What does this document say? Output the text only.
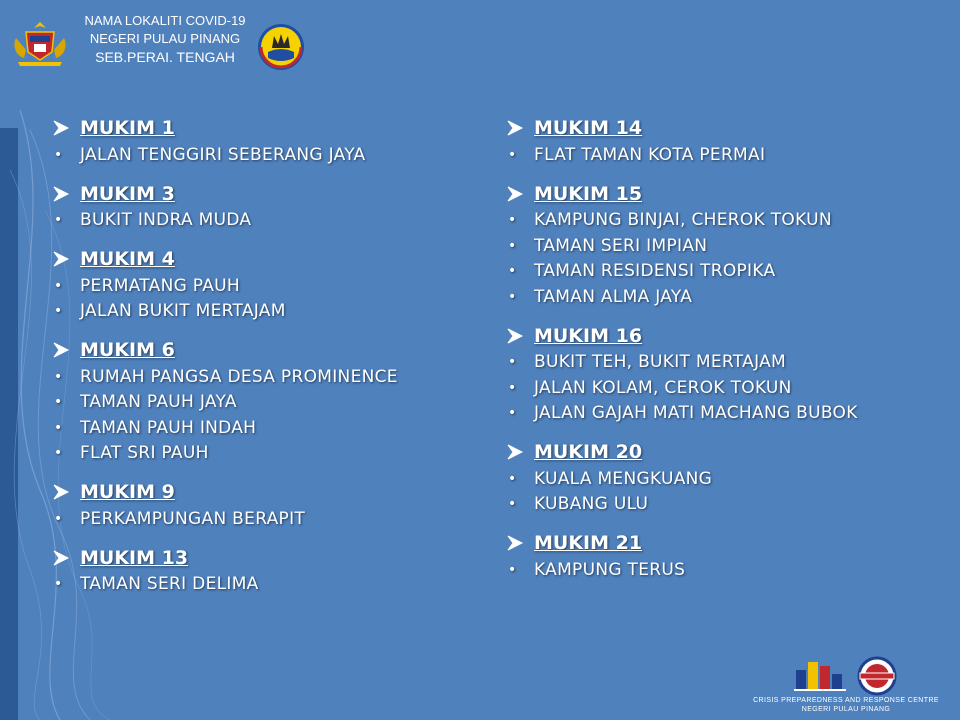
NAMA LOKALITI COVID-19
NEGERI PULAU PINANG
SEB.PERAI. TENGAH
MUKIM 1
•	JALAN TENGGIRI SEBERANG JAYA
MUKIM 3
•	BUKIT INDRA MUDA
MUKIM 4
•	PERMATANG PAUH
•	JALAN BUKIT MERTAJAM
MUKIM 6
•	RUMAH PANGSA DESA PROMINENCE
•	TAMAN PAUH JAYA
•	TAMAN PAUH INDAH
•	FLAT SRI PAUH
MUKIM 9
•	PERKAMPUNGAN BERAPIT
MUKIM 13
•	TAMAN SERI DELIMA
MUKIM 14
•	FLAT TAMAN KOTA PERMAI
MUKIM 15
•	KAMPUNG BINJAI, CHEROK TOKUN
•	TAMAN SERI IMPIAN
•	TAMAN RESIDENSI TROPIKA
•	TAMAN ALMA JAYA
MUKIM 16
•	BUKIT TEH, BUKIT MERTAJAM
•	JALAN KOLAM, CEROK TOKUN
•	JALAN GAJAH MATI MACHANG BUBOK
MUKIM 20
•	KUALA MENGKUANG
•	KUBANG ULU
MUKIM 21
•	KAMPUNG TERUS
CRISIS PREPAREDNESS AND RESPONSE CENTRE
NEGERI PULAU PINANG
